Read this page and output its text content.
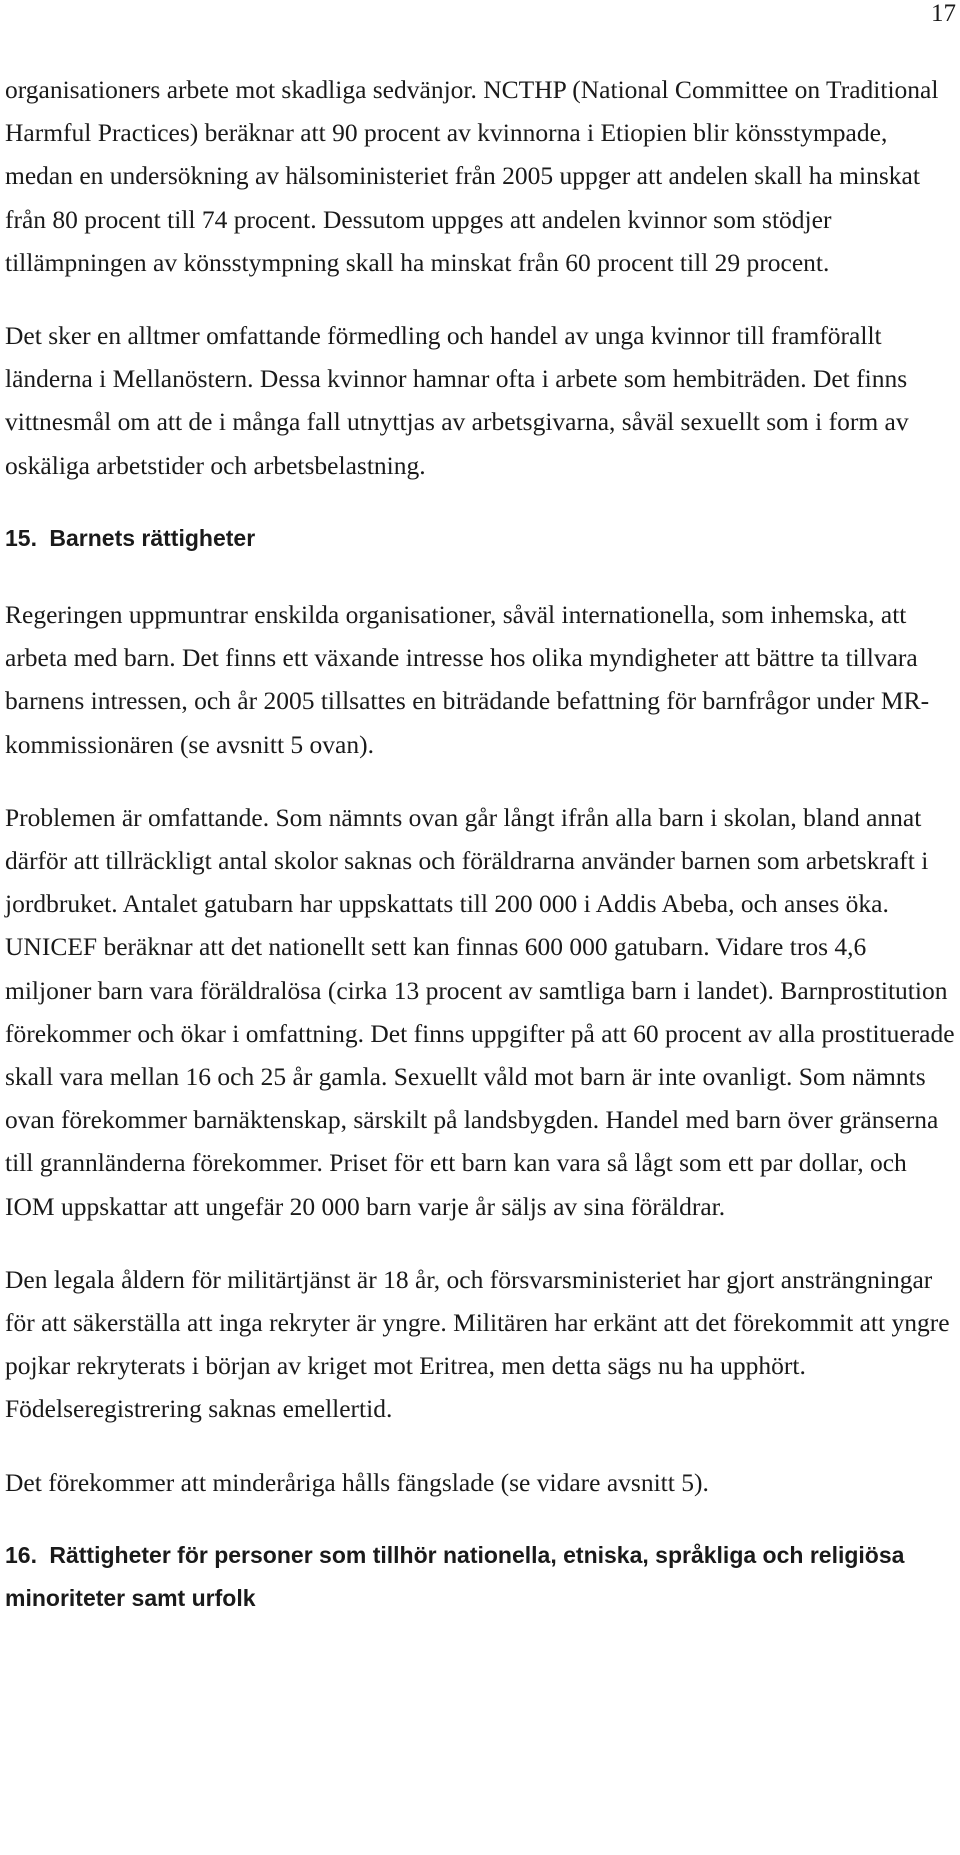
17

organisationers arbete mot skadliga sedvänjor. NCTHP (National Committee on Traditional Harmful Practices) beräknar att 90 procent av kvinnorna i Etiopien blir könsstympade, medan en undersökning av hälsoministeriet från 2005 uppger att andelen skall ha minskat från 80 procent till 74 procent. Dessutom uppges att andelen kvinnor som stödjer tillämpningen av könsstympning skall ha minskat från 60 procent till 29 procent.

Det sker en alltmer omfattande förmedling och handel av unga kvinnor till framförallt länderna i Mellanöstern. Dessa kvinnor hamnar ofta i arbete som hembiträden. Det finns vittnesmål om att de i många fall utnyttjas av arbetsgivarna, såväl sexuellt som i form av oskäliga arbetstider och arbetsbelastning.

15. Barnets rättigheter

Regeringen uppmuntrar enskilda organisationer, såväl internationella, som inhemska, att arbeta med barn. Det finns ett växande intresse hos olika myndigheter att bättre ta tillvara barnens intressen, och år 2005 tillsattes en biträdande befattning för barnfrågor under MR-kommissionären (se avsnitt 5 ovan).

Problemen är omfattande. Som nämnts ovan går långt ifrån alla barn i skolan, bland annat därför att tillräckligt antal skolor saknas och föräldrarna använder barnen som arbetskraft i jordbruket. Antalet gatubarn har uppskattats till 200 000 i Addis Abeba, och anses öka. UNICEF beräknar att det nationellt sett kan finnas 600 000 gatubarn. Vidare tros 4,6 miljoner barn vara föräldralösa (cirka 13 procent av samtliga barn i landet). Barnprostitution förekommer och ökar i omfattning. Det finns uppgifter på att 60 procent av alla prostituerade skall vara mellan 16 och 25 år gamla. Sexuellt våld mot barn är inte ovanligt. Som nämnts ovan förekommer barnäktenskap, särskilt på landsbygden. Handel med barn över gränserna till grannländerna förekommer. Priset för ett barn kan vara så lågt som ett par dollar, och IOM uppskattar att ungefär 20 000 barn varje år säljs av sina föräldrar.

Den legala åldern för militärtjänst är 18 år, och försvarsministeriet har gjort ansträngningar för att säkerställa att inga rekryter är yngre. Militären har erkänt att det förekommit att yngre pojkar rekryterats i början av kriget mot Eritrea, men detta sägs nu ha upphört. Födelseregistrering saknas emellertid.

Det förekommer att minderåriga hålls fängslade (se vidare avsnitt 5).

16. Rättigheter för personer som tillhör nationella, etniska, språkliga och religiösa minoriteter samt urfolk
